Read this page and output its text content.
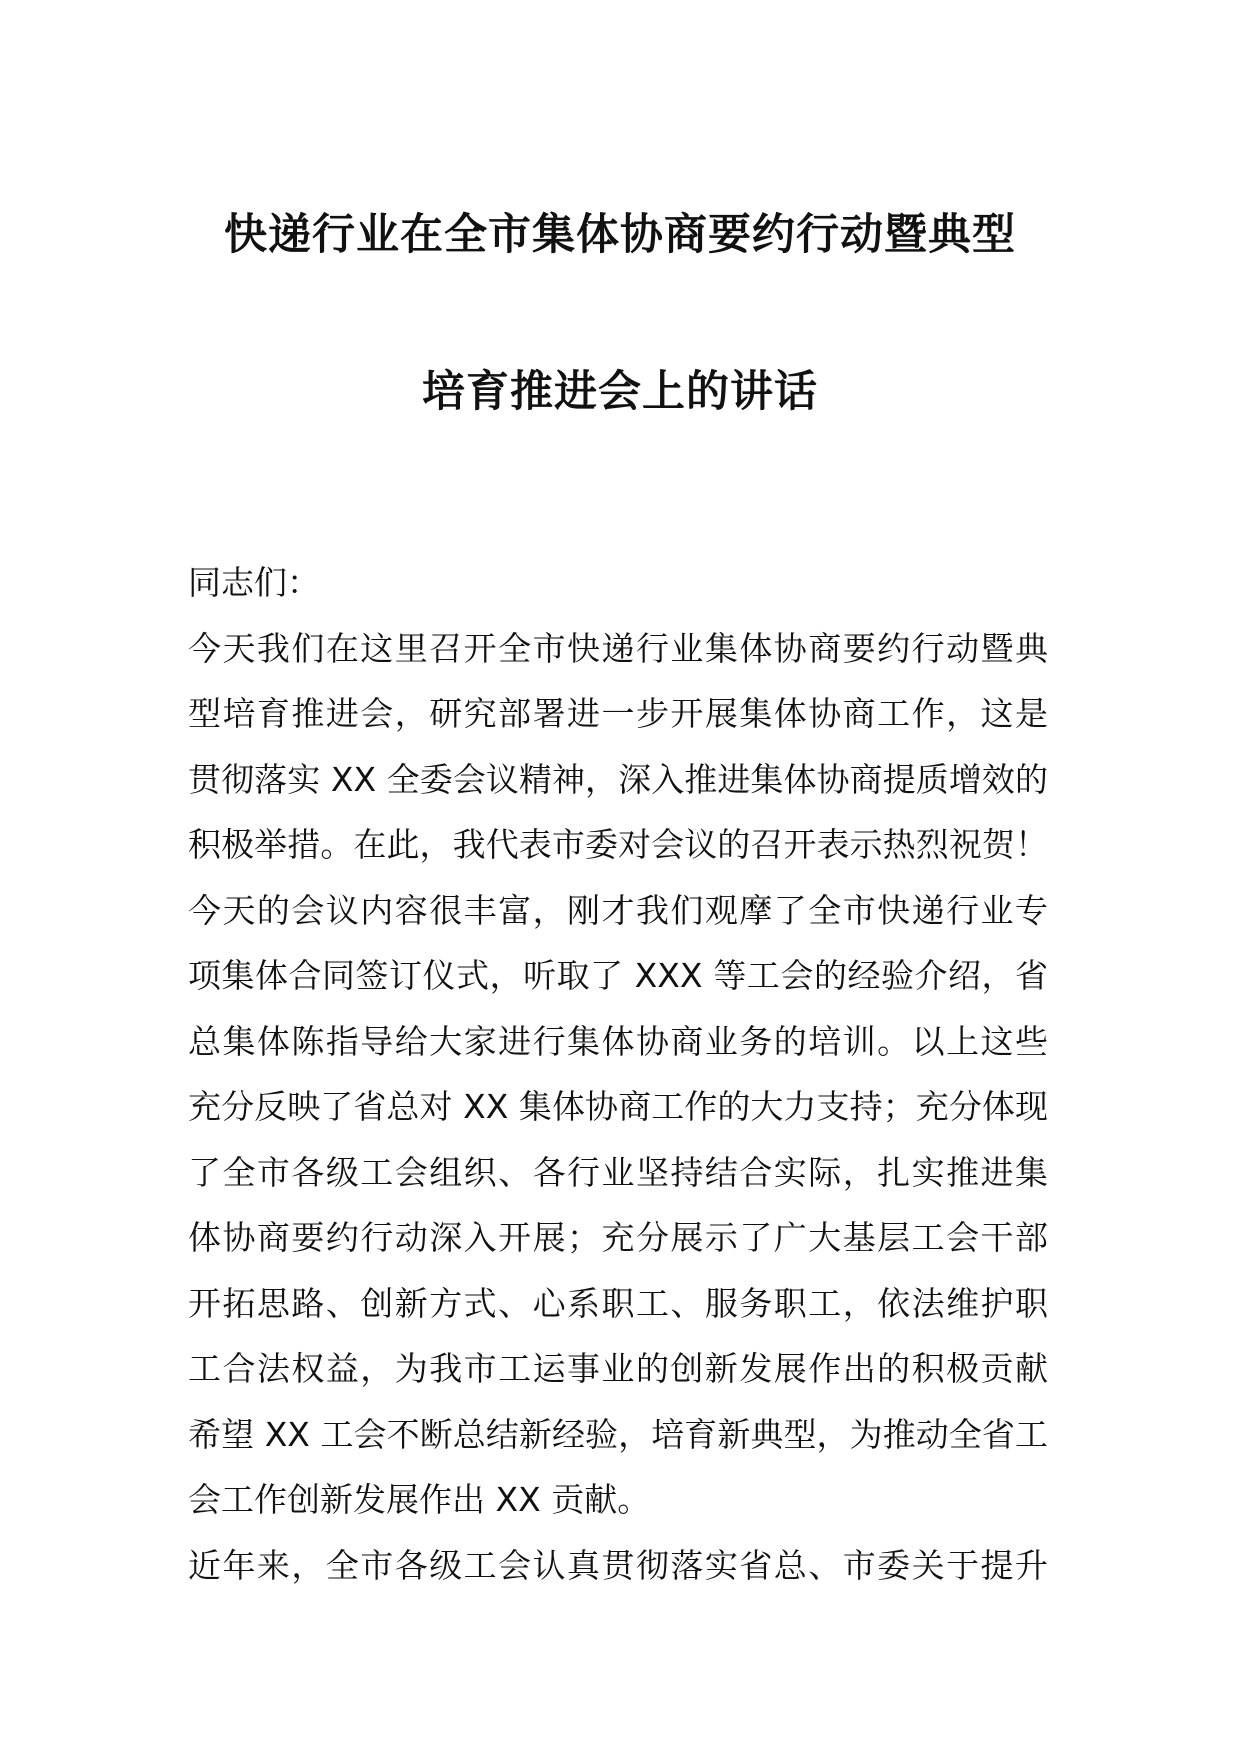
快递行业在全市集体协商要约行动暨典型
培育推进会上的讲话
同志们：
今天我们在这里召开全市快递行业集体协商要约行动暨典
型培育推进会，研究部署进一步开展集体协商工作，这是
贯彻落实 XX 全委会议精神，深入推进集体协商提质增效的
积极举措。在此，我代表市委对会议的召开表示热烈祝贺！
今天的会议内容很丰富，刚才我们观摩了全市快递行业专
项集体合同签订仪式，听取了 XXX 等工会的经验介绍，省
总集体陈指导给大家进行集体协商业务的培训。以上这些
充分反映了省总对 XX 集体协商工作的大力支持；充分体现
了全市各级工会组织、各行业坚持结合实际，扎实推进集
体协商要约行动深入开展；充分展示了广大基层工会干部
开拓思路、创新方式、心系职工、服务职工，依法维护职
工合法权益，为我市工运事业的创新发展作出的积极贡献
希望 XX 工会不断总结新经验，培育新典型，为推动全省工
会工作创新发展作出 XX 贡献。
近年来，全市各级工会认真贯彻落实省总、市委关于提升
